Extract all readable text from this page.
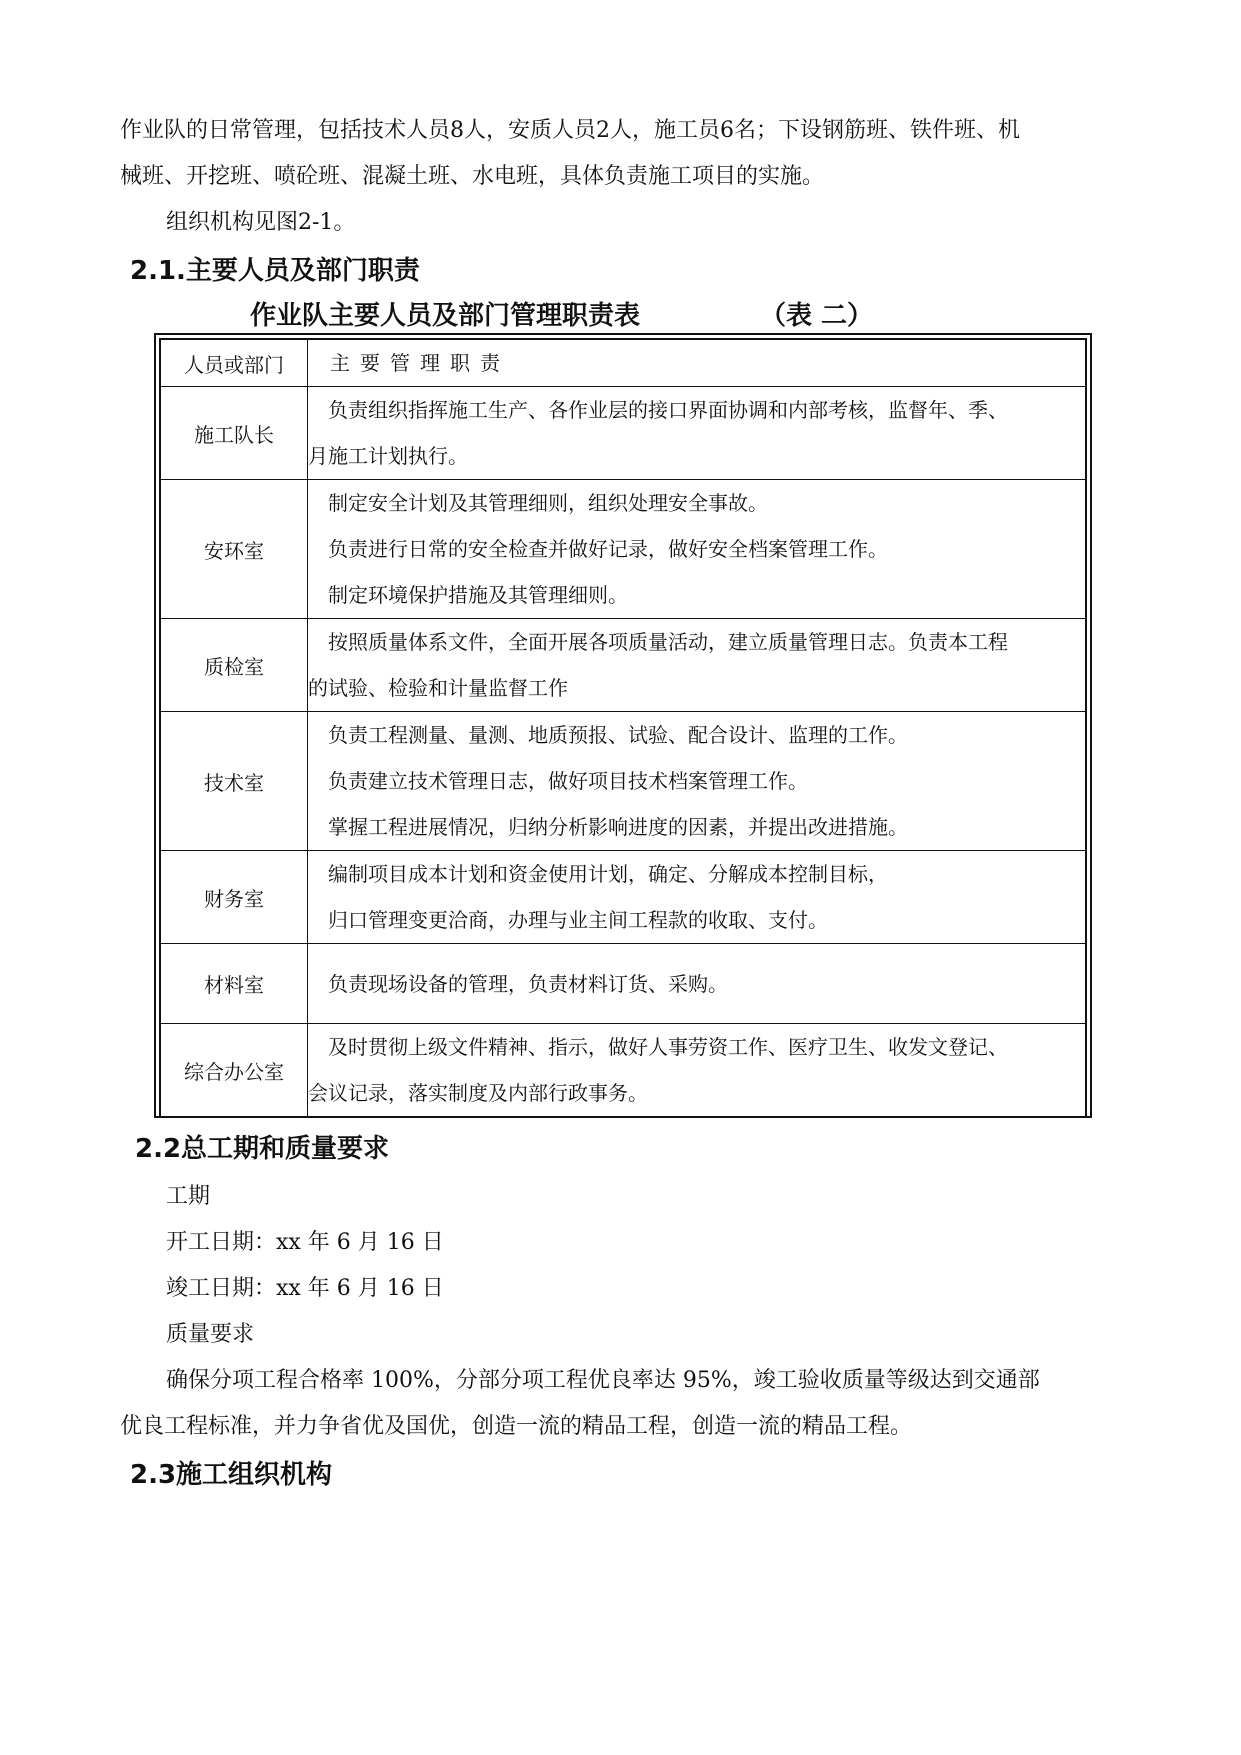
作业队的日常管理，包括技术人员8人，安质人员2人，施工员6名；下设钢筋班、铁件班、机
械班、开挖班、喷砼班、混凝土班、水电班，具体负责施工项目的实施。
组织机构见图2-1。
2.1.主要人员及部门职责
作业队主要人员及部门管理职责表	（表 二）
人员或部门	主要管理职责
施工队长	负责组织指挥施工生产、各作业层的接口界面协调和内部考核，监督年、季、
月施工计划执行。

安环室	制定安全计划及其管理细则，组织处理安全事故。
负责进行日常的安全检查并做好记录，做好安全档案管理工作。
制定环境保护措施及其管理细则。

质检室	按照质量体系文件，全面开展各项质量活动，建立质量管理日志。负责本工程
的试验、检验和计量监督工作

技术室	负责工程测量、量测、地质预报、试验、配合设计、监理的工作。
负责建立技术管理日志，做好项目技术档案管理工作。
掌握工程进展情况，归纳分析影响进度的因素，并提出改进措施。

财务室	编制项目成本计划和资金使用计划，确定、分解成本控制目标，
归口管理变更洽商，办理与业主间工程款的收取、支付。

材料室	负责现场设备的管理，负责材料订货、采购。

综合办公室	及时贯彻上级文件精神、指示，做好人事劳资工作、医疗卫生、收发文登记、
会议记录，落实制度及内部行政事务。
2.2总工期和质量要求
工期
开工日期：xx 年 6 月 16 日
竣工日期：xx 年 6 月 16 日
质量要求
确保分项工程合格率 100%，分部分项工程优良率达 95%，竣工验收质量等级达到交通部
优良工程标准，并力争省优及国优，创造一流的精品工程，创造一流的精品工程。
2.3施工组织机构
